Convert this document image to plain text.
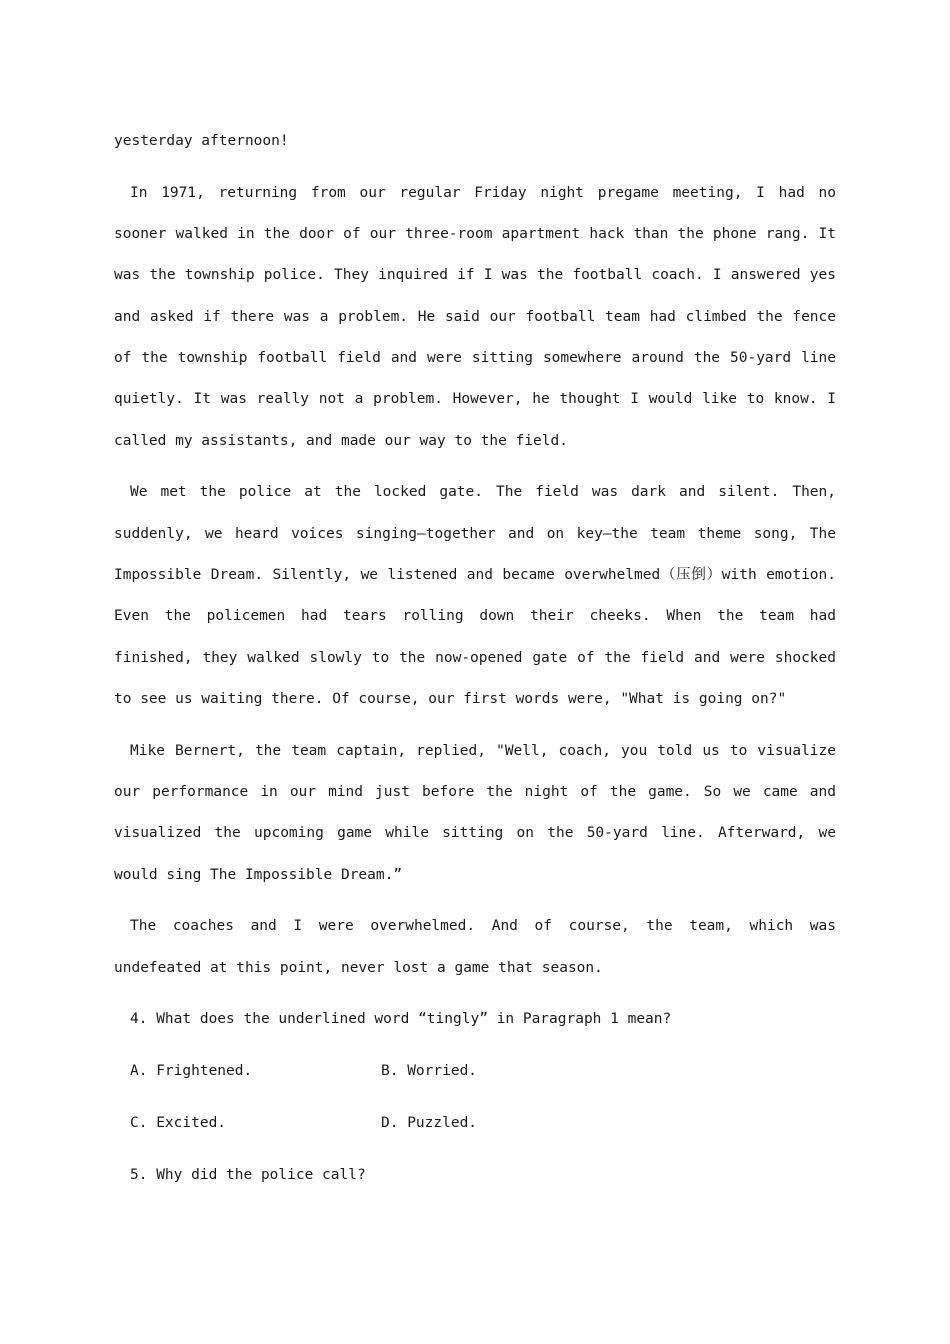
yesterday afternoon!

In 1971, returning from our regular Friday night pregame meeting, I had no sooner walked in the door of our three-room apartment hack than the phone rang. It was the township police. They inquired if I was the football coach. I answered yes and asked if there was a problem. He said our football team had climbed the fence of the township football field and were sitting somewhere around the 50-yard line quietly. It was really not a problem. However, he thought I would like to know. I called my assistants, and made our way to the field.

We met the police at the locked gate. The field was dark and silent. Then, suddenly, we heard voices singing—together and on key—the team theme song, The Impossible Dream. Silently, we listened and became overwhelmed（压倒）with emotion. Even the policemen had tears rolling down their cheeks. When the team had finished, they walked slowly to the now-opened gate of the field and were shocked to see us waiting there. Of course, our first words were, "What is going on?"

Mike Bernert, the team captain, replied, "Well, coach, you told us to visualize our performance in our mind just before the night of the game. So we came and visualized the upcoming game while sitting on the 50-yard line. Afterward, we would sing The Impossible Dream.”

The coaches and I were overwhelmed. And of course, the team, which was undefeated at this point, never lost a game that season.

4. What does the underlined word “tingly” in Paragraph 1 mean?

A. Frightened.	B. Worried.
C. Excited.	D. Puzzled.

5. Why did the police call?
